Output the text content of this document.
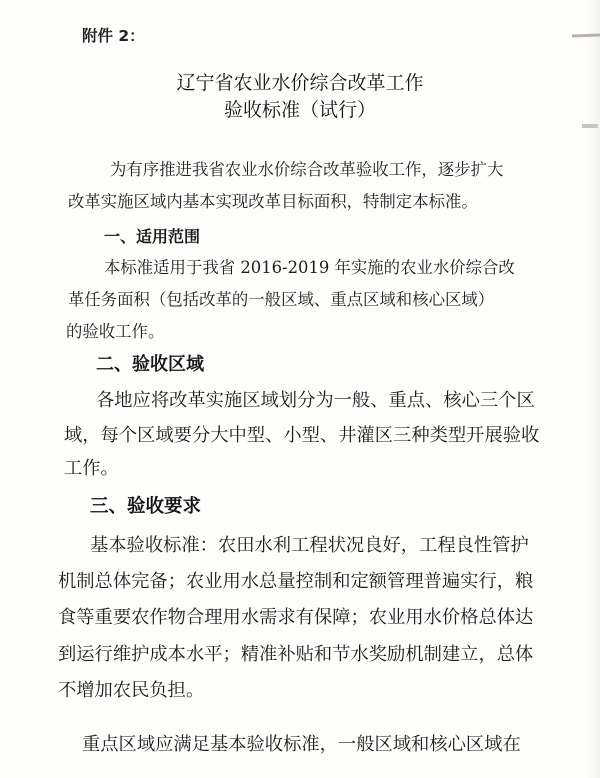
附件 2：
辽宁省农业水价综合改革工作
验收标准（试行）
为有序推进我省农业水价综合改革验收工作，逐步扩大
改革实施区域内基本实现改革目标面积，特制定本标准。
一、适用范围
本标准适用于我省 2016-2019 年实施的农业水价综合改
革任务面积（包括改革的一般区域、重点区域和核心区域）
的验收工作。
二、验收区域
各地应将改革实施区域划分为一般、重点、核心三个区
域，每个区域要分大中型、小型、井灌区三种类型开展验收
工作。
三、验收要求
基本验收标准：农田水利工程状况良好，工程良性管护
机制总体完备；农业用水总量控制和定额管理普遍实行，粮
食等重要农作物合理用水需求有保障；农业用水价格总体达
到运行维护成本水平；精准补贴和节水奖励机制建立，总体
不增加农民负担。
重点区域应满足基本验收标准，一般区域和核心区域在
